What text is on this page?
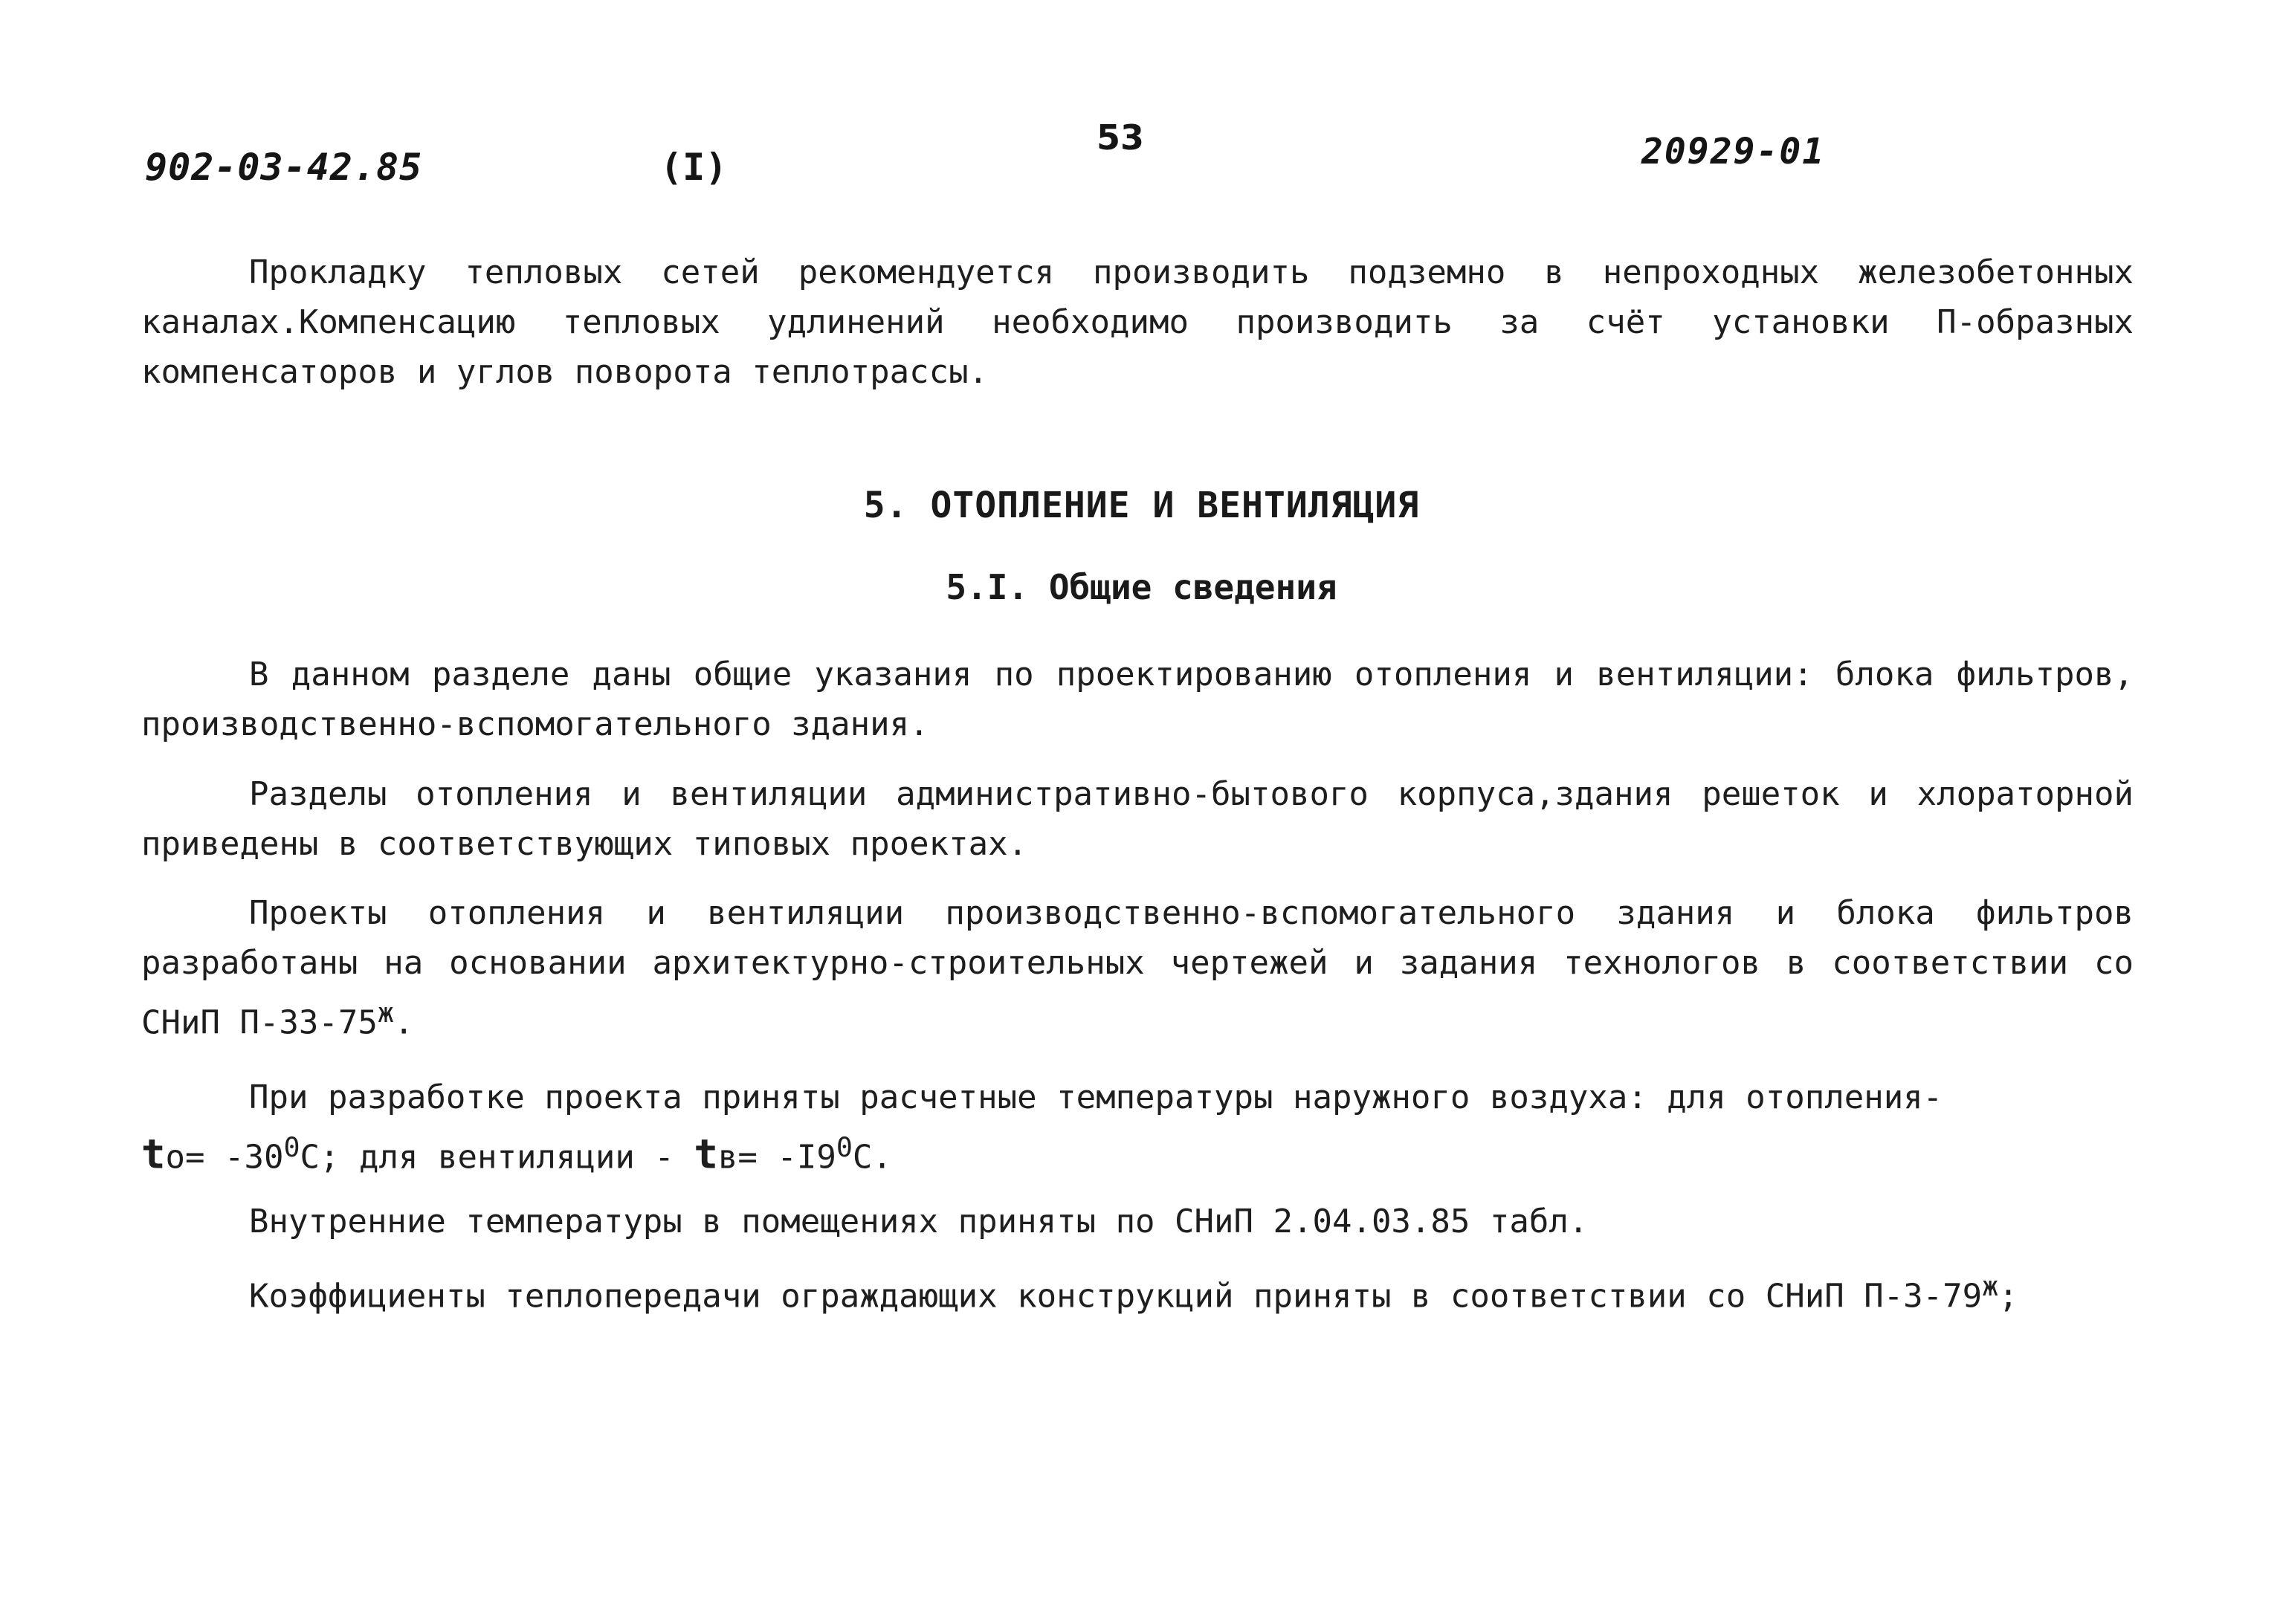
902-03-42.85	(I)
53	20929-01

Прокладку тепловых сетей рекомендуется производить подземно в непроходных железобетонных каналах.Компенсацию тепловых удлинений необходимо производить за счёт установки П-образных компенсаторов и углов поворота теплотрассы.

5. ОТОПЛЕНИЕ И ВЕНТИЛЯЦИЯ
5.I. Общие сведения

В данном разделе даны общие указания по проектированию отопления и вентиляции: блока фильтров, производственно-вспомогательного здания.

Разделы отопления и вентиляции административно-бытового корпуса,здания решеток и хлораторной приведены в соответствующих типовых проектах.

Проекты отопления и вентиляции производственно-вспомогательного здания и блока фильтров разработаны на основании архитектурно-строительных чертежей и задания технологов в соответствии со СНиП $П-33-75^ж$.

При разработке проекта приняты расчетные температуры наружного воздуха: для отопления-
$tо= -30^0С$; для вентиляции - $tв= -I9^0С$.

Внутренние температуры в помещениях приняты по СНиП 2.04.03.85 табл.

Коэффициенты теплопередачи ограждающих конструкций приняты в соответствии со СНиП $П-3-79^ж$;
